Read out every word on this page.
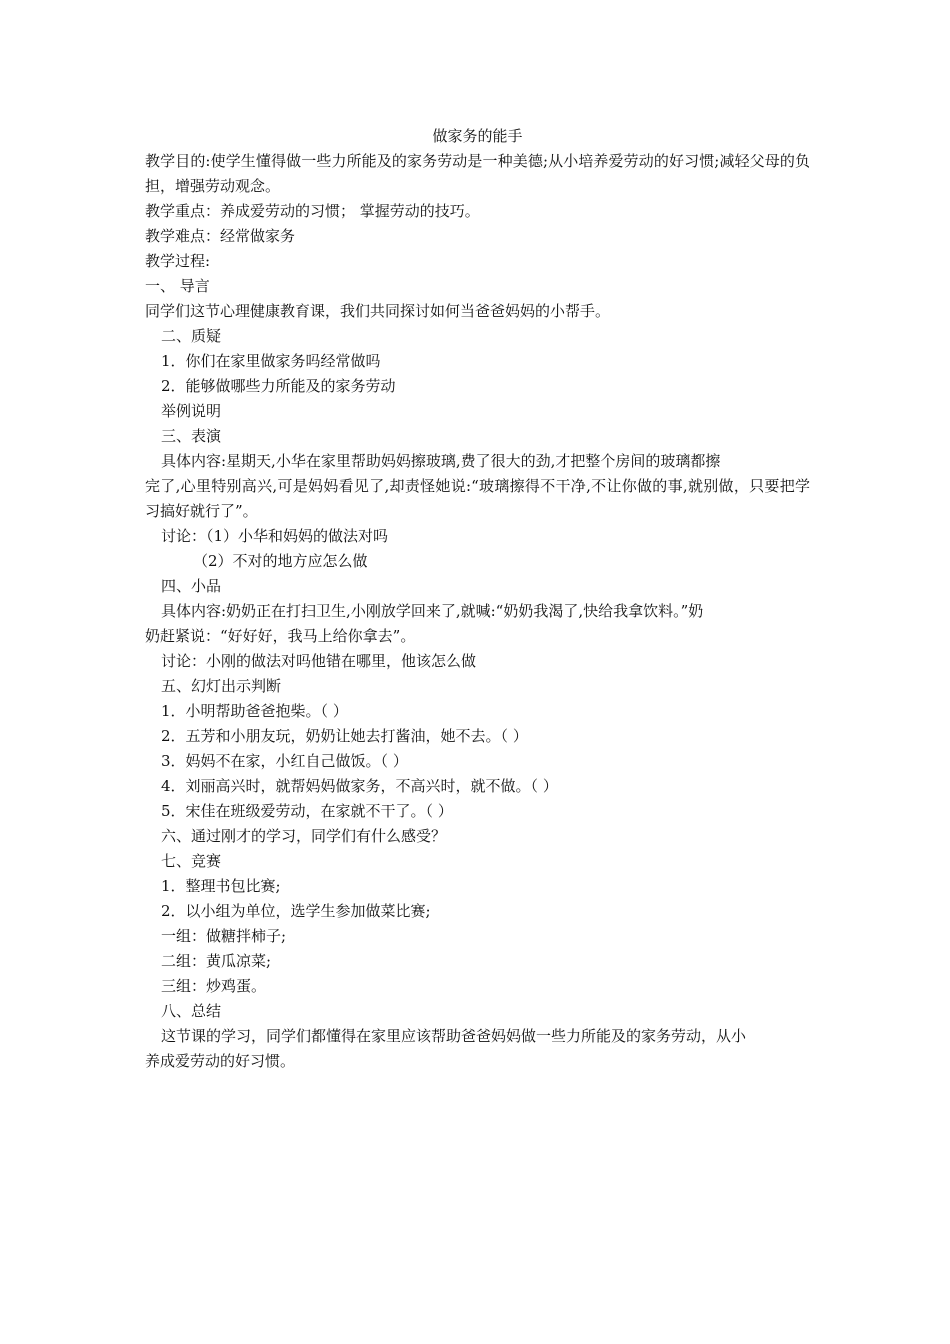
做家务的能手

教学目的:使学生懂得做一些力所能及的家务劳动是一种美德;从小培养爱劳动的好习惯;减轻父母的负担，增强劳动观念。

教学重点：养成爱劳动的习惯； 掌握劳动的技巧。

教学难点：经常做家务

教学过程:

一、 导言

同学们这节心理健康教育课，我们共同探讨如何当爸爸妈妈的小帮手。

二、质疑

1．你们在家里做家务吗经常做吗

2．能够做哪些力所能及的家务劳动

举例说明

三、表演

具体内容:星期天,小华在家里帮助妈妈擦玻璃,费了很大的劲,才把整个房间的玻璃都擦

完了,心里特别高兴,可是妈妈看见了,却责怪她说:“玻璃擦得不干净,不让你做的事,就别做，只要把学习搞好就行了”。

讨论：（1）小华和妈妈的做法对吗

（2）不对的地方应怎么做

四、小品

具体内容:奶奶正在打扫卫生,小刚放学回来了,就喊:“奶奶我渴了,快给我拿饮料。”奶

奶赶紧说：“好好好，我马上给你拿去”。

讨论：小刚的做法对吗他错在哪里，他该怎么做

五、幻灯出示判断

1．小明帮助爸爸抱柴。（ ）

2．五芳和小朋友玩，奶奶让她去打酱油，她不去。（ ）

3．妈妈不在家，小红自己做饭。（ ）

4．刘丽高兴时，就帮妈妈做家务，不高兴时，就不做。（ ）

5．宋佳在班级爱劳动，在家就不干了。（ ）

六、通过刚才的学习，同学们有什么感受？

七、竞赛

1．整理书包比赛;

2．以小组为单位，选学生参加做菜比赛;

一组：做糖拌柿子;

二组：黄瓜凉菜;

三组：炒鸡蛋。

八、总结

这节课的学习，同学们都懂得在家里应该帮助爸爸妈妈做一些力所能及的家务劳动，从小

养成爱劳动的好习惯。
